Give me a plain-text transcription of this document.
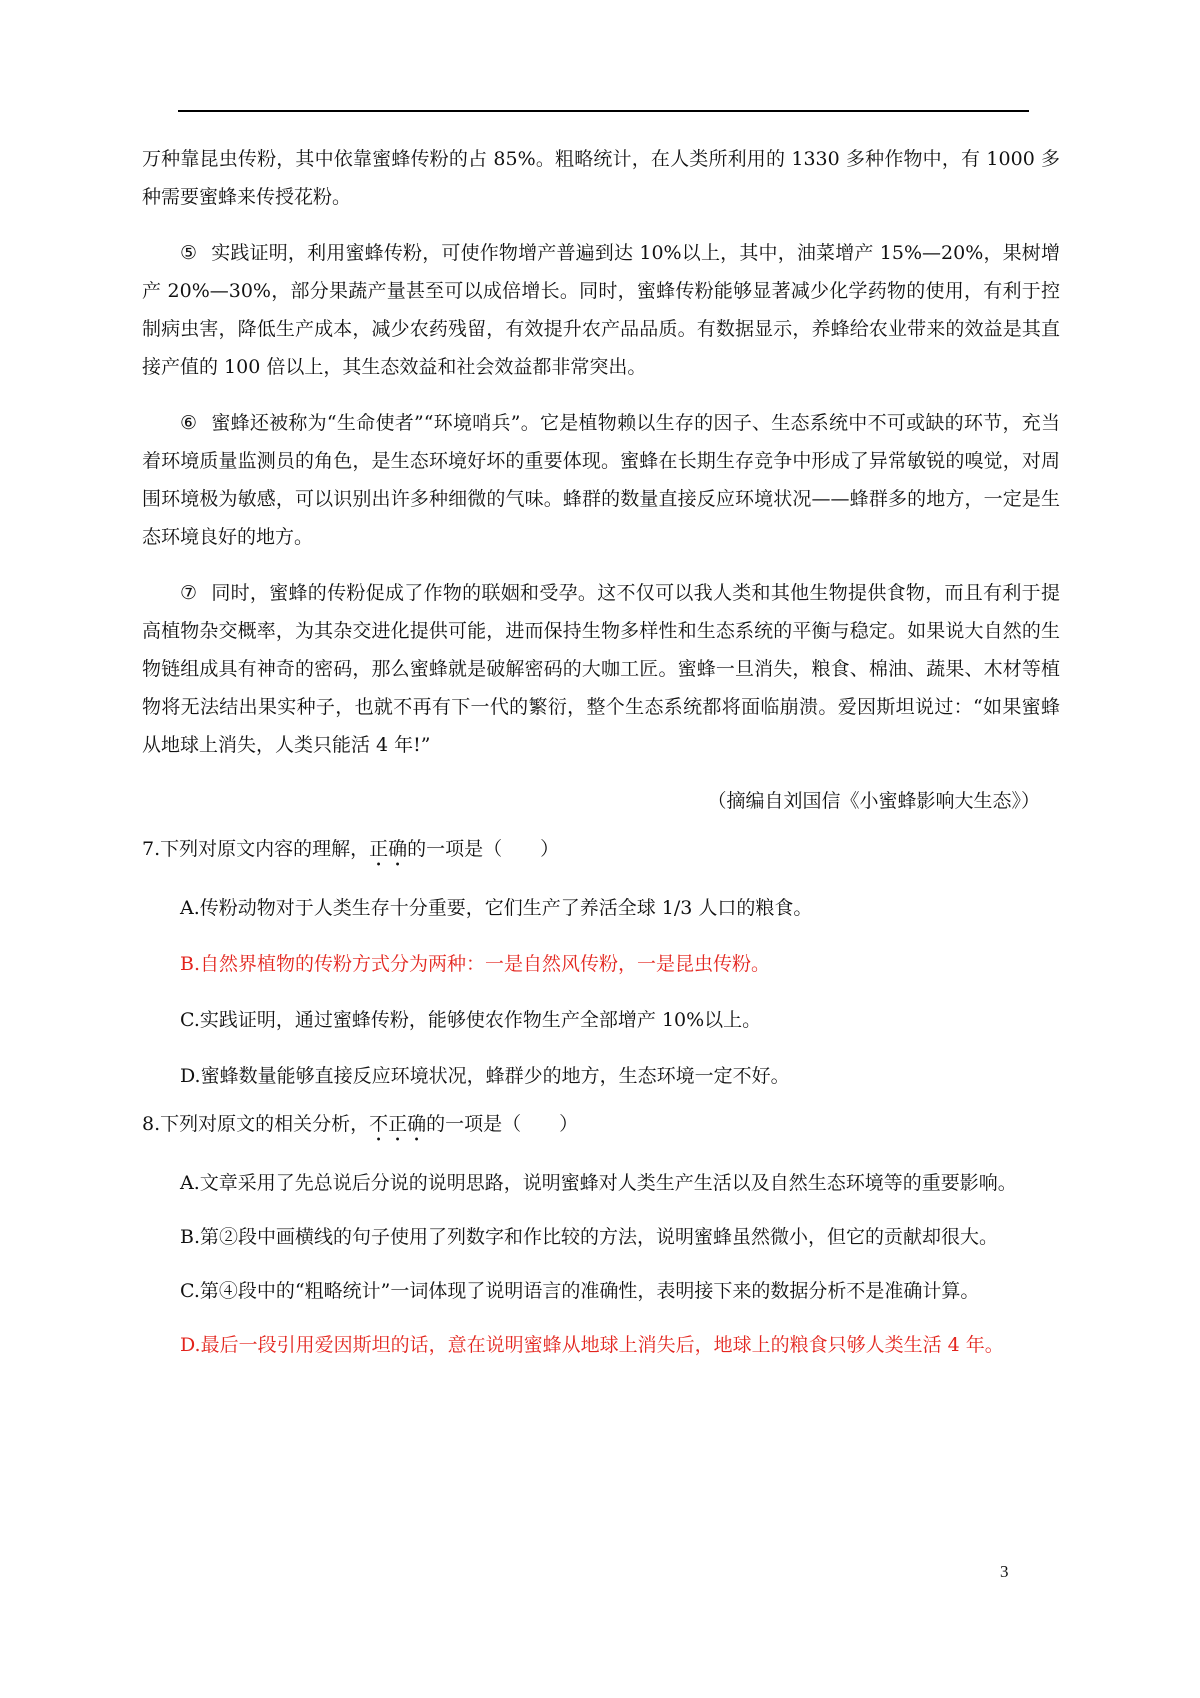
万种靠昆虫传粉，其中依靠蜜蜂传粉的占 85%。粗略统计，在人类所利用的 1330 多种作物中，有 1000 多种需要蜜蜂来传授花粉。

⑤ 实践证明，利用蜜蜂传粉，可使作物增产普遍到达 10%以上，其中，油菜增产 15%—20%，果树增产 20%—30%，部分果蔬产量甚至可以成倍增长。同时，蜜蜂传粉能够显著减少化学药物的使用，有利于控制病虫害，降低生产成本，减少农药残留，有效提升农产品品质。有数据显示，养蜂给农业带来的效益是其直接产值的 100 倍以上，其生态效益和社会效益都非常突出。

⑥ 蜜蜂还被称为“生命使者”“环境哨兵”。它是植物赖以生存的因子、生态系统中不可或缺的环节，充当着环境质量监测员的角色，是生态环境好坏的重要体现。蜜蜂在长期生存竞争中形成了异常敏锐的嗅觉，对周围环境极为敏感，可以识别出许多种细微的气味。蜂群的数量直接反应环境状况——蜂群多的地方，一定是生态环境良好的地方。

⑦ 同时，蜜蜂的传粉促成了作物的联姻和受孕。这不仅可以我人类和其他生物提供食物，而且有利于提高植物杂交概率，为其杂交进化提供可能，进而保持生物多样性和生态系统的平衡与稳定。如果说大自然的生物链组成具有神奇的密码，那么蜜蜂就是破解密码的大咖工匠。蜜蜂一旦消失，粮食、棉油、蔬果、木材等植物将无法结出果实种子，也就不再有下一代的繁衍，整个生态系统都将面临崩溃。爱因斯坦说过：“如果蜜蜂从地球上消失，人类只能活 4 年!”

（摘编自刘国信《小蜜蜂影响大生态》）

7.下列对原文内容的理解，正确的一项是（　　）

A.传粉动物对于人类生存十分重要，它们生产了养活全球 1/3 人口的粮食。

B.自然界植物的传粉方式分为两种：一是自然风传粉，一是昆虫传粉。

C.实践证明，通过蜜蜂传粉，能够使农作物生产全部增产 10%以上。

D.蜜蜂数量能够直接反应环境状况，蜂群少的地方，生态环境一定不好。

8.下列对原文的相关分析，不正确的一项是（　　）

A.文章采用了先总说后分说的说明思路，说明蜜蜂对人类生产生活以及自然生态环境等的重要影响。

B.第②段中画横线的句子使用了列数字和作比较的方法，说明蜜蜂虽然微小，但它的贡献却很大。

C.第④段中的“粗略统计”一词体现了说明语言的准确性，表明接下来的数据分析不是准确计算。

D.最后一段引用爱因斯坦的话，意在说明蜜蜂从地球上消失后，地球上的粮食只够人类生活 4 年。

3
